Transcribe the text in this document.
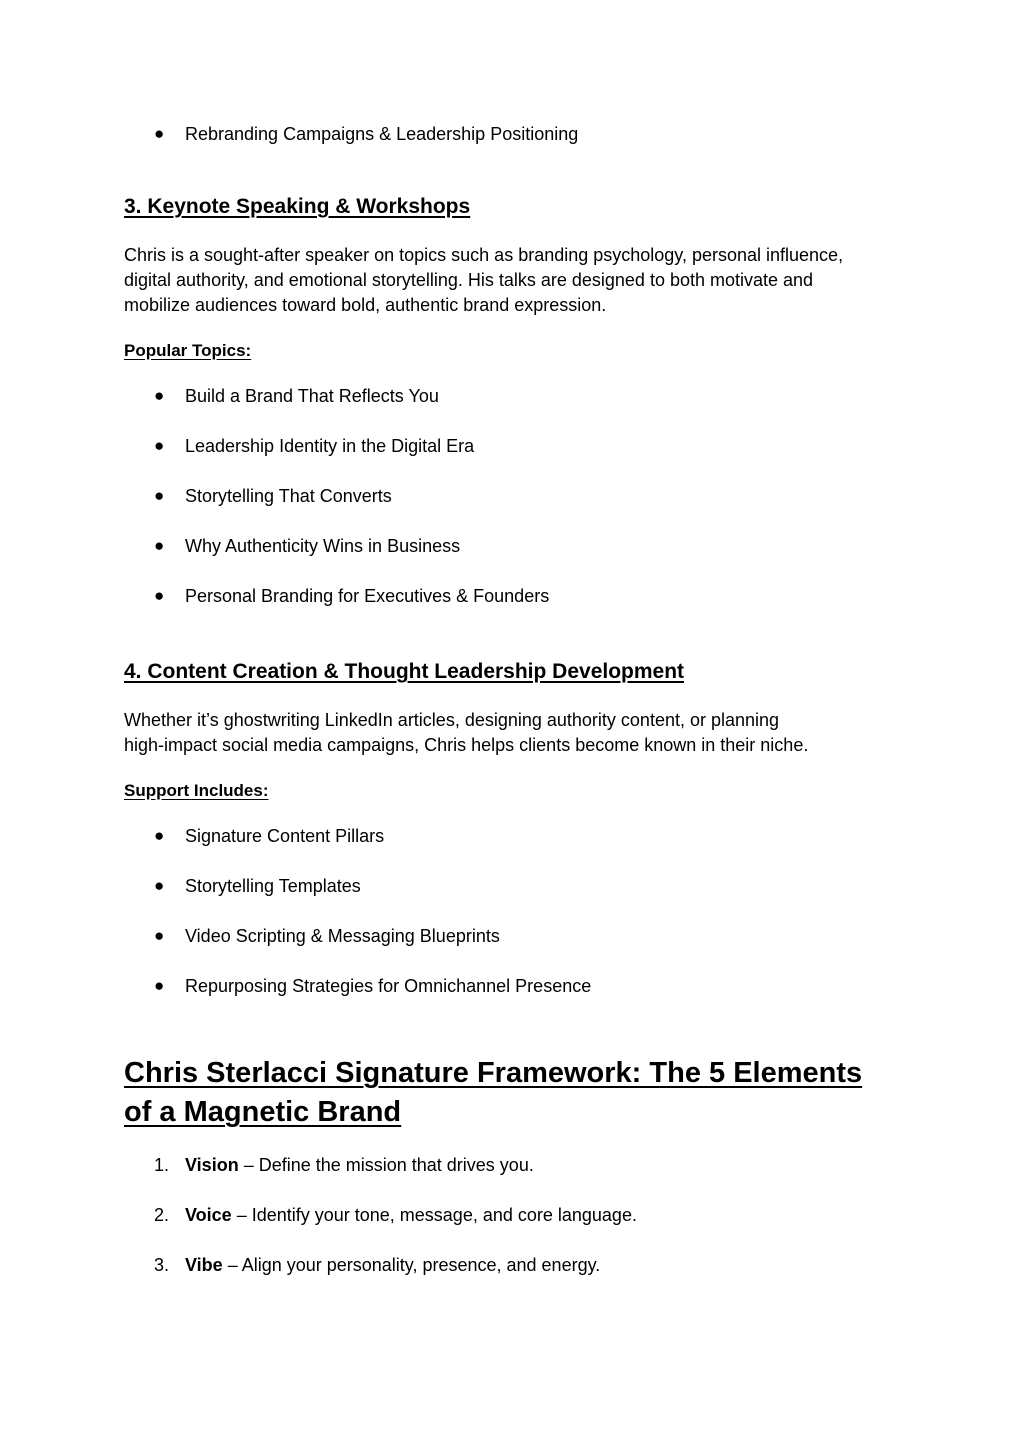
● Rebranding Campaigns & Leadership Positioning
3. Keynote Speaking & Workshops
Chris is a sought-after speaker on topics such as branding psychology, personal influence,
digital authority, and emotional storytelling. His talks are designed to both motivate and
mobilize audiences toward bold, authentic brand expression.
Popular Topics:
● Build a Brand That Reflects You
● Leadership Identity in the Digital Era
● Storytelling That Converts
● Why Authenticity Wins in Business
● Personal Branding for Executives & Founders
4. Content Creation & Thought Leadership Development
Whether it’s ghostwriting LinkedIn articles, designing authority content, or planning
high-impact social media campaigns, Chris helps clients become known in their niche.
Support Includes:
● Signature Content Pillars
● Storytelling Templates
● Video Scripting & Messaging Blueprints
● Repurposing Strategies for Omnichannel Presence
Chris Sterlacci Signature Framework: The 5 Elements
of a Magnetic Brand
1. Vision – Define the mission that drives you.
2. Voice – Identify your tone, message, and core language.
3. Vibe – Align your personality, presence, and energy.
